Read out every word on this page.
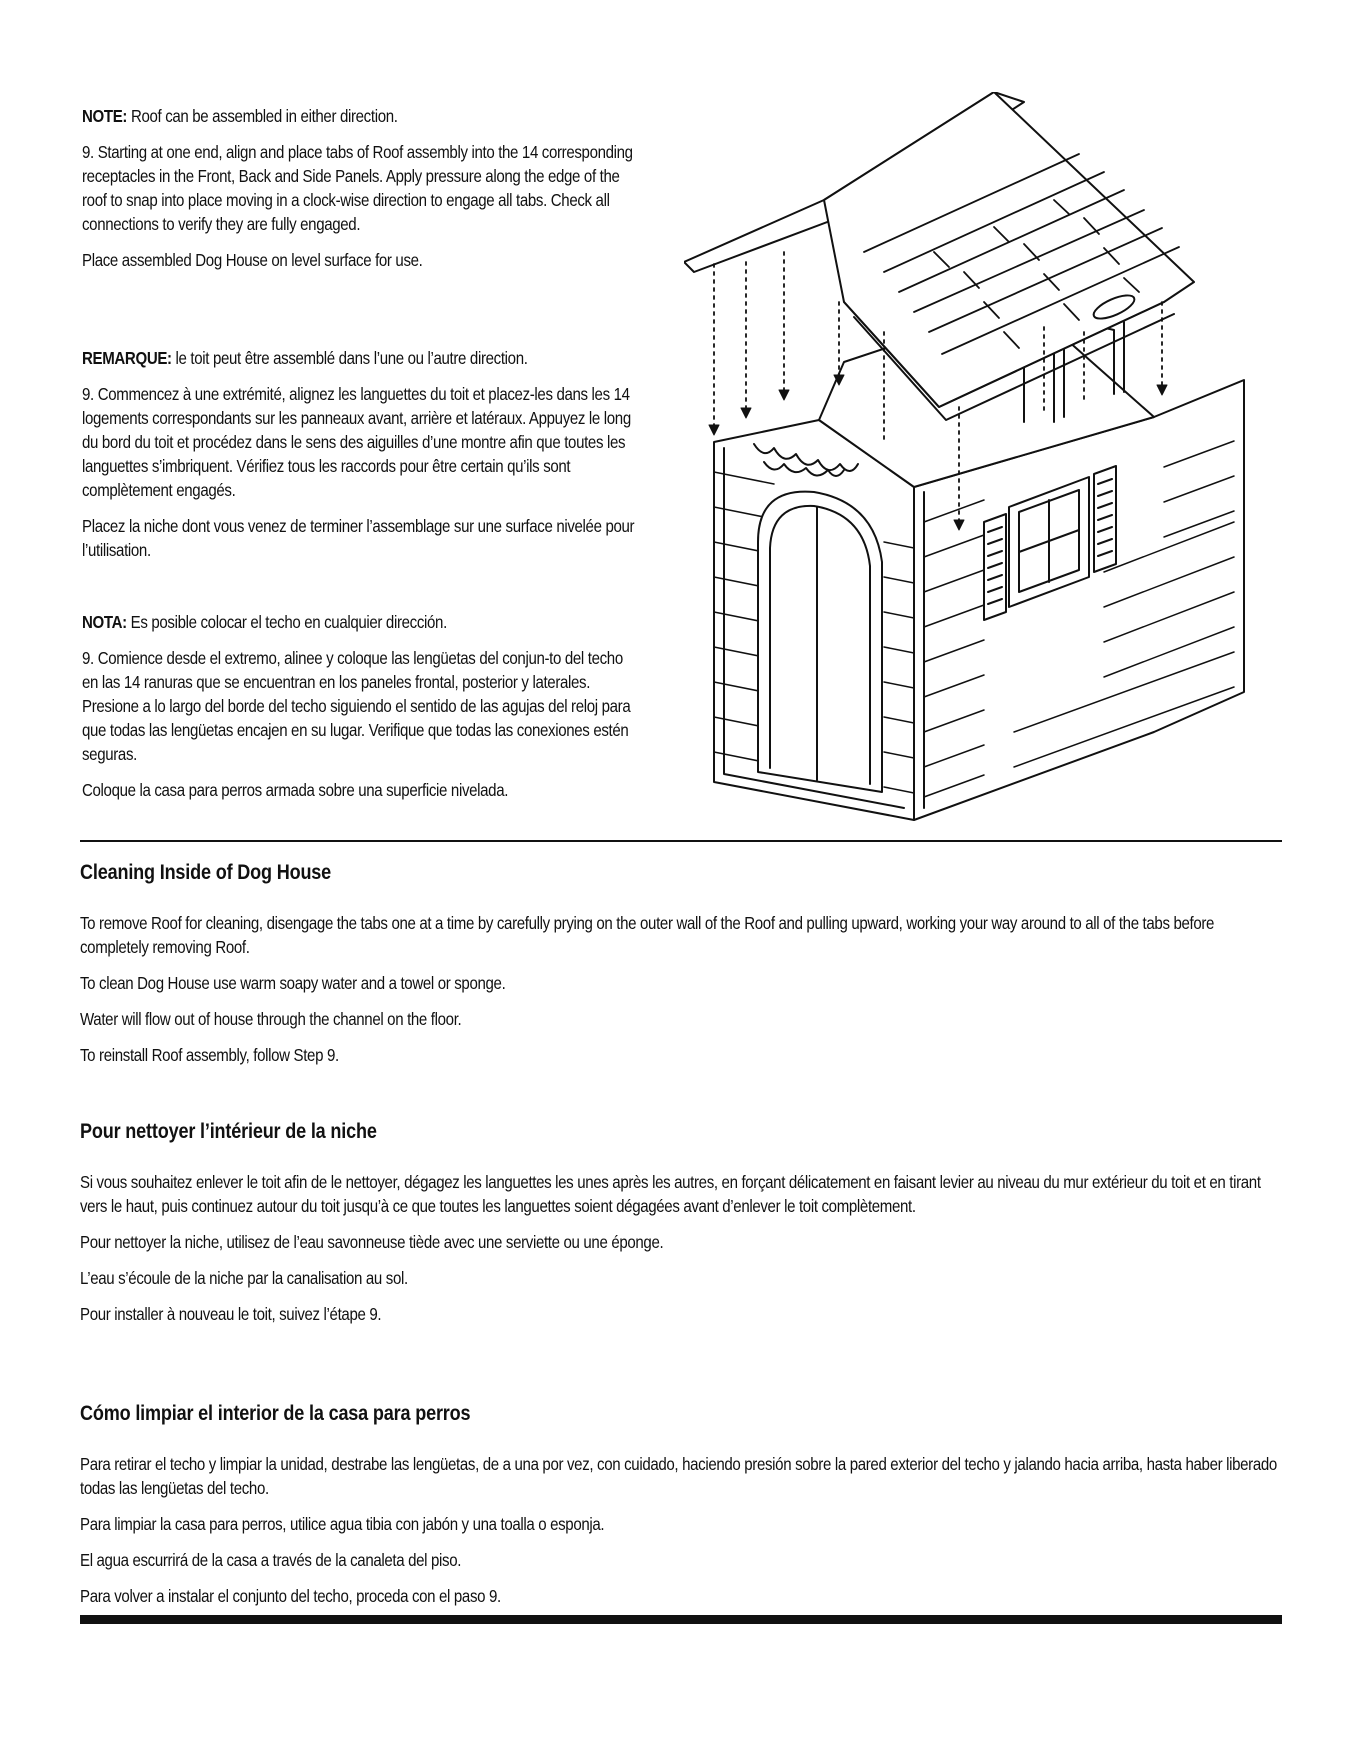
NOTE: Roof can be assembled in either direction.

9. Starting at one end, align and place tabs of Roof assembly into the 14 corresponding receptacles in the Front, Back and Side Panels. Apply pressure along the edge of the roof to snap into place moving in a clock-wise direction to engage all tabs. Check all connections to verify they are fully engaged.

Place assembled Dog House on level surface for use.

REMARQUE: le toit peut être assemblé dans l’une ou l’autre direction.

9. Commencez à une extrémité, alignez les languettes du toit et placez-les dans les 14 logements correspondants sur les panneaux avant, arrière et latéraux. Appuyez le long du bord du toit et procédez dans le sens des aiguilles d’une montre afin que toutes les languettes s’imbriquent. Vérifiez tous les raccords pour être certain qu’ils sont complètement engagés.

Placez la niche dont vous venez de terminer l’assemblage sur une surface nivelée pour l’utilisation.

NOTA: Es posible colocar el techo en cualquier dirección.

9. Comience desde el extremo, alinee y coloque las lengüetas del conjun-to del techo en las 14 ranuras que se encuentran en los paneles frontal, posterior y laterales. Presione a lo largo del borde del techo siguiendo el sentido de las agujas del reloj para que todas las lengüetas encajen en su lugar. Verifique que todas las conexiones estén seguras.

Coloque la casa para perros armada sobre una superficie nivelada.

Cleaning Inside of Dog House

To remove Roof for cleaning, disengage the tabs one at a time by carefully prying on the outer wall of the Roof and pulling upward, working your way around to all of the tabs before completely removing Roof.

To clean Dog House use warm soapy water and a towel or sponge.

Water will flow out of house through the channel on the floor.

To reinstall Roof assembly, follow Step 9.

Pour nettoyer l’intérieur de la niche

Si vous souhaitez enlever le toit afin de le nettoyer, dégagez les languettes les unes après les autres, en forçant délicatement en faisant levier au niveau du mur extérieur du toit et en tirant vers le haut, puis continuez autour du toit jusqu’à ce que toutes les languettes soient dégagées avant d’enlever le toit complètement.

Pour nettoyer la niche, utilisez de l’eau savonneuse tiède avec une serviette ou une éponge.

L’eau s’écoule de la niche par la canalisation au sol.

Pour installer à nouveau le toit, suivez l’étape 9.

Cómo limpiar el interior de la casa para perros

Para retirar el techo y limpiar la unidad, destrabe las lengüetas, de a una por vez, con cuidado, haciendo presión sobre la pared exterior del techo y jalando hacia arriba, hasta haber liberado todas las lengüetas del techo.

Para limpiar la casa para perros, utilice agua tibia con jabón y una toalla o esponja.

El agua escurrirá de la casa a través de la canaleta del piso.

Para volver a instalar el conjunto del techo, proceda con el paso 9.
